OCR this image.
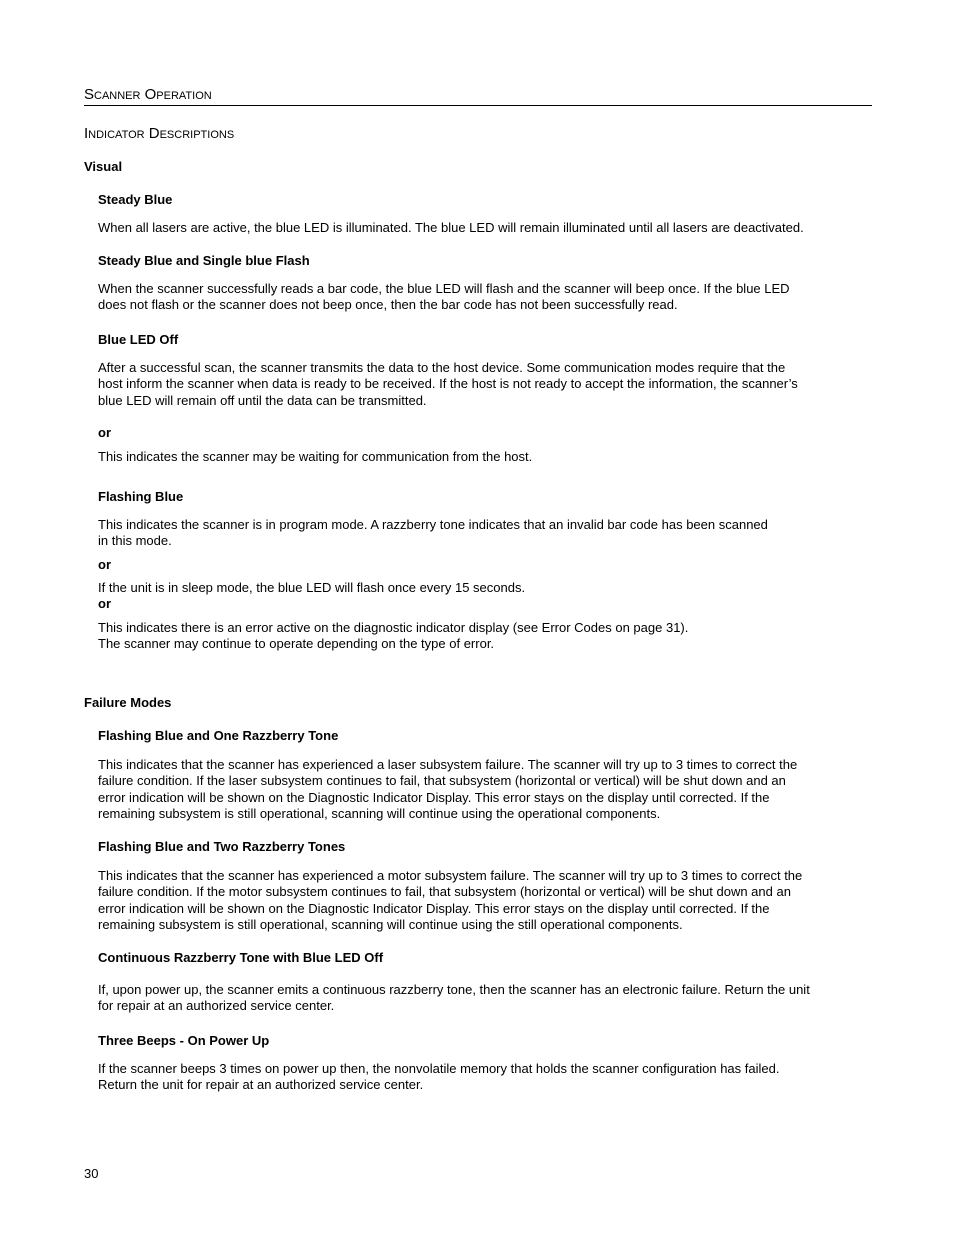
Scanner Operation
Indicator Descriptions
Visual
Steady Blue
When all lasers are active, the blue LED is illuminated. The blue LED will remain illuminated until all lasers are deactivated.
Steady Blue and Single blue Flash
When the scanner successfully reads a bar code, the blue LED will flash and the scanner will beep once. If the blue LED
does not flash or the scanner does not beep once, then the bar code has not been successfully read.
Blue LED Off
After a successful scan, the scanner transmits the data to the host device. Some communication modes require that the
host inform the scanner when data is ready to be received. If the host is not ready to accept the information, the scanner’s
blue LED will remain off until the data can be transmitted.
or
This indicates the scanner may be waiting for communication from the host.
Flashing Blue
This indicates the scanner is in program mode. A razzberry tone indicates that an invalid bar code has been scanned
in this mode.
or
If the unit is in sleep mode, the blue LED will flash once every 15 seconds.
or
This indicates there is an error active on the diagnostic indicator display (see Error Codes on page 31).
The scanner may continue to operate depending on the type of error.
Failure Modes
Flashing Blue and One Razzberry Tone
This indicates that the scanner has experienced a laser subsystem failure. The scanner will try up to 3 times to correct the
failure condition. If the laser subsystem continues to fail, that subsystem (horizontal or vertical) will be shut down and an
error indication will be shown on the Diagnostic Indicator Display. This error stays on the display until corrected. If the
remaining subsystem is still operational, scanning will continue using the operational components.
Flashing Blue and Two Razzberry Tones
This indicates that the scanner has experienced a motor subsystem failure. The scanner will try up to 3 times to correct the
failure condition. If the motor subsystem continues to fail, that subsystem (horizontal or vertical) will be shut down and an
error indication will be shown on the Diagnostic Indicator Display. This error stays on the display until corrected. If the
remaining subsystem is still operational, scanning will continue using the still operational components.
Continuous Razzberry Tone with Blue LED Off
If, upon power up, the scanner emits a continuous razzberry tone, then the scanner has an electronic failure. Return the unit
for repair at an authorized service center.
Three Beeps - On Power Up
If the scanner beeps 3 times on power up then, the nonvolatile memory that holds the scanner configuration has failed.
Return the unit for repair at an authorized service center.
30
